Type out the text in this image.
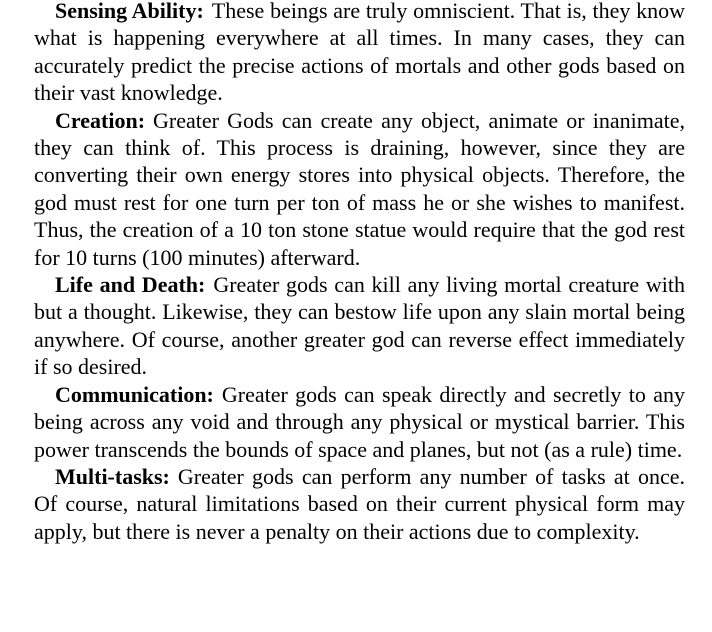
Sensing Ability: These beings are truly omniscient. That is, they know what is happening everywhere at all times. In many cases, they can accurately predict the precise actions of mortals and other gods based on their vast knowledge.

Creation: Greater Gods can create any object, animate or inanimate, they can think of. This process is draining, however, since they are converting their own energy stores into physical objects. Therefore, the god must rest for one turn per ton of mass he or she wishes to manifest. Thus, the creation of a 10 ton stone statue would require that the god rest for 10 turns (100 minutes) afterward.

Life and Death: Greater gods can kill any living mortal creature with but a thought. Likewise, they can bestow life upon any slain mortal being anywhere. Of course, another greater god can reverse effect immediately if so desired.

Communication: Greater gods can speak directly and secretly to any being across any void and through any physical or mystical barrier. This power transcends the bounds of space and planes, but not (as a rule) time.

Multi-tasks: Greater gods can perform any number of tasks at once. Of course, natural limitations based on their current physical form may apply, but there is never a penalty on their actions due to complexity.
